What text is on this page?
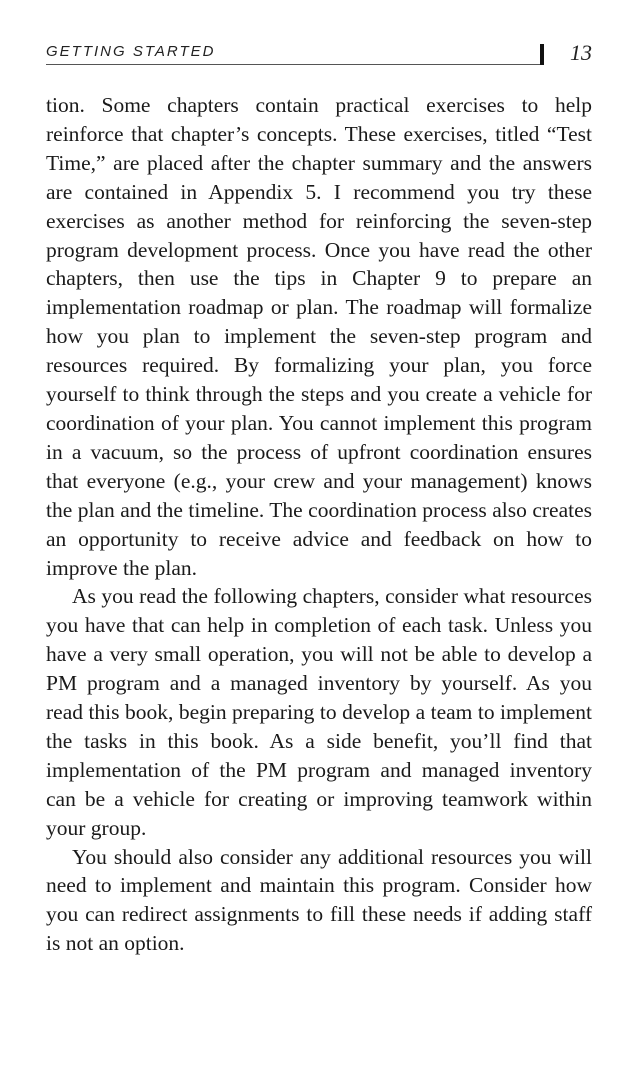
GETTING STARTED	13

tion. Some chapters contain practical exercises to help reinforce that chapter’s concepts. These exercises, titled “Test Time,” are placed after the chapter summary and the answers are contained in Appendix 5. I recommend you try these exercises as another method for reinforcing the seven-step program development process. Once you have read the other chapters, then use the tips in Chapter 9 to prepare an implementation roadmap or plan. The roadmap will formalize how you plan to implement the seven-step program and resources required. By formalizing your plan, you force yourself to think through the steps and you create a vehicle for coordination of your plan. You cannot implement this program in a vacuum, so the process of upfront coordination ensures that everyone (e.g., your crew and your management) knows the plan and the timeline. The coordination process also creates an opportunity to receive advice and feedback on how to improve the plan.

As you read the following chapters, consider what resources you have that can help in completion of each task. Unless you have a very small operation, you will not be able to develop a PM program and a managed inventory by yourself. As you read this book, begin preparing to develop a team to implement the tasks in this book. As a side benefit, you’ll find that implementation of the PM program and managed inventory can be a vehicle for creating or improving teamwork within your group.

You should also consider any additional resources you will need to implement and maintain this program. Consider how you can redirect assignments to fill these needs if adding staff is not an option.
